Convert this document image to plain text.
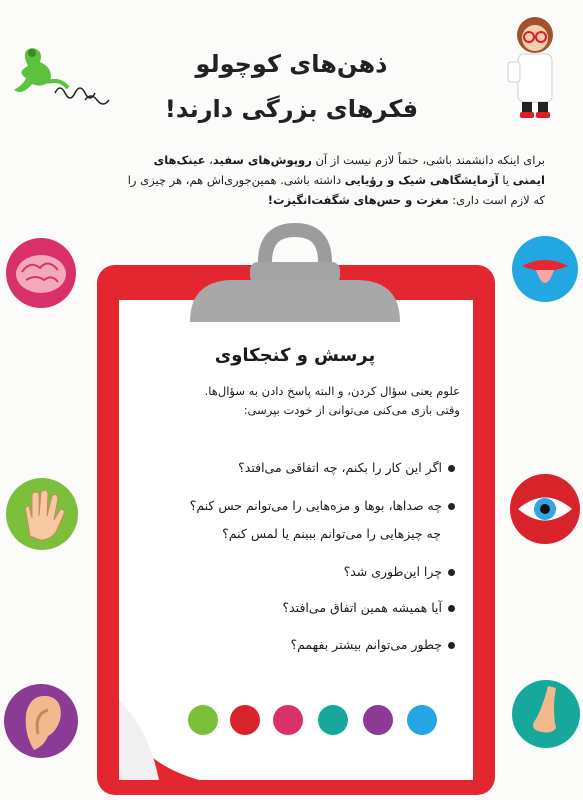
ذهن‌های کوچولو
فکرهای بزرگی دارند!
برای اینکه دانشمند باشی، حتماً لازم نیست از آن روپوش‌های سفید، عینک‌های
ایمنی یا آزمایشگاهی شیک و رؤیایی داشته باشی. همین‌جوری‌اش هم، هر چیزی را
که لازم است داری: مغزت و حس‌های شگفت‌انگیزت!
پرسش و کنجکاوی
علوم یعنی سؤال کردن، و البته پاسخ دادن به سؤال‌ها.
وقتی بازی می‌کنی می‌توانی از خودت بپرسی:
اگر این کار را بکنم، چه اتفاقی می‌افتد؟
چه صداها، بوها و مزه‌هایی را می‌توانم حس کنم؟
چه چیزهایی را می‌توانم ببینم یا لمس کنم؟
چرا این‌طوری شد؟
آیا همیشه همین اتفاق می‌افتد؟
چطور می‌توانم بیشتر بفهمم؟
